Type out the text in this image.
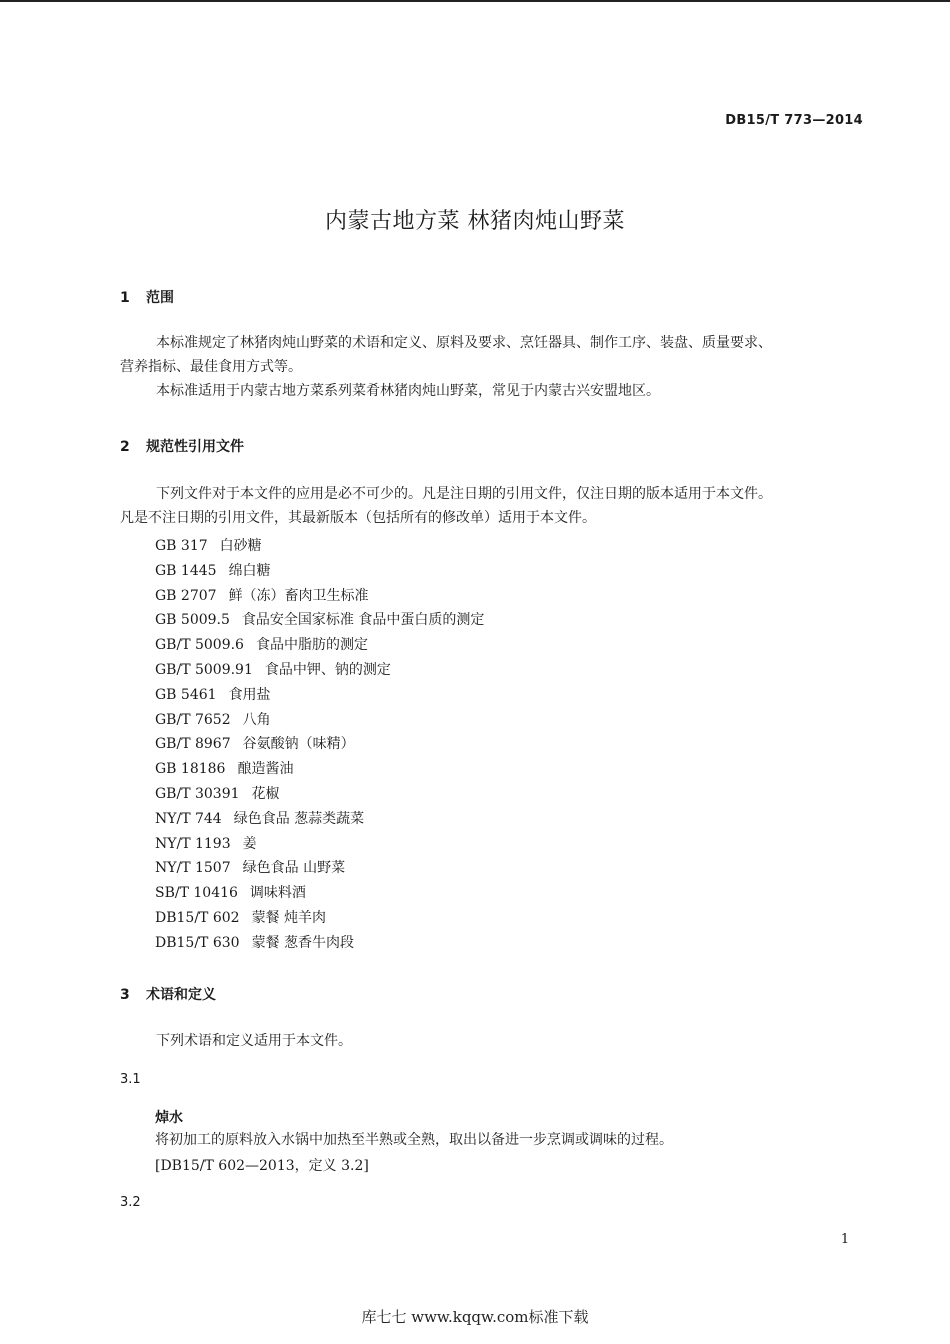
DB15/T 773—2014
内蒙古地方菜 林猪肉炖山野菜
1 范围
本标准规定了林猪肉炖山野菜的术语和定义、原料及要求、烹饪器具、制作工序、装盘、质量要求、
营养指标、最佳食用方式等。
本标准适用于内蒙古地方菜系列菜肴林猪肉炖山野菜，常见于内蒙古兴安盟地区。
2 规范性引用文件
下列文件对于本文件的应用是必不可少的。凡是注日期的引用文件，仅注日期的版本适用于本文件。
凡是不注日期的引用文件，其最新版本（包括所有的修改单）适用于本文件。
GB 317 白砂糖
GB 1445 绵白糖
GB 2707 鲜（冻）畜肉卫生标准
GB 5009.5 食品安全国家标准 食品中蛋白质的测定
GB/T 5009.6 食品中脂肪的测定
GB/T 5009.91 食品中钾、钠的测定
GB 5461 食用盐
GB/T 7652 八角
GB/T 8967 谷氨酸钠（味精）
GB 18186 酿造酱油
GB/T 30391 花椒
NY/T 744 绿色食品 葱蒜类蔬菜
NY/T 1193 姜
NY/T 1507 绿色食品 山野菜
SB/T 10416 调味料酒
DB15/T 602 蒙餐 炖羊肉
DB15/T 630 蒙餐 葱香牛肉段
3 术语和定义
下列术语和定义适用于本文件。
3.1
焯水
将初加工的原料放入水锅中加热至半熟或全熟，取出以备进一步烹调或调味的过程。
[DB15/T 602—2013，定义 3.2]
3.2
1
库七七 www.kqqw.com标准下载
